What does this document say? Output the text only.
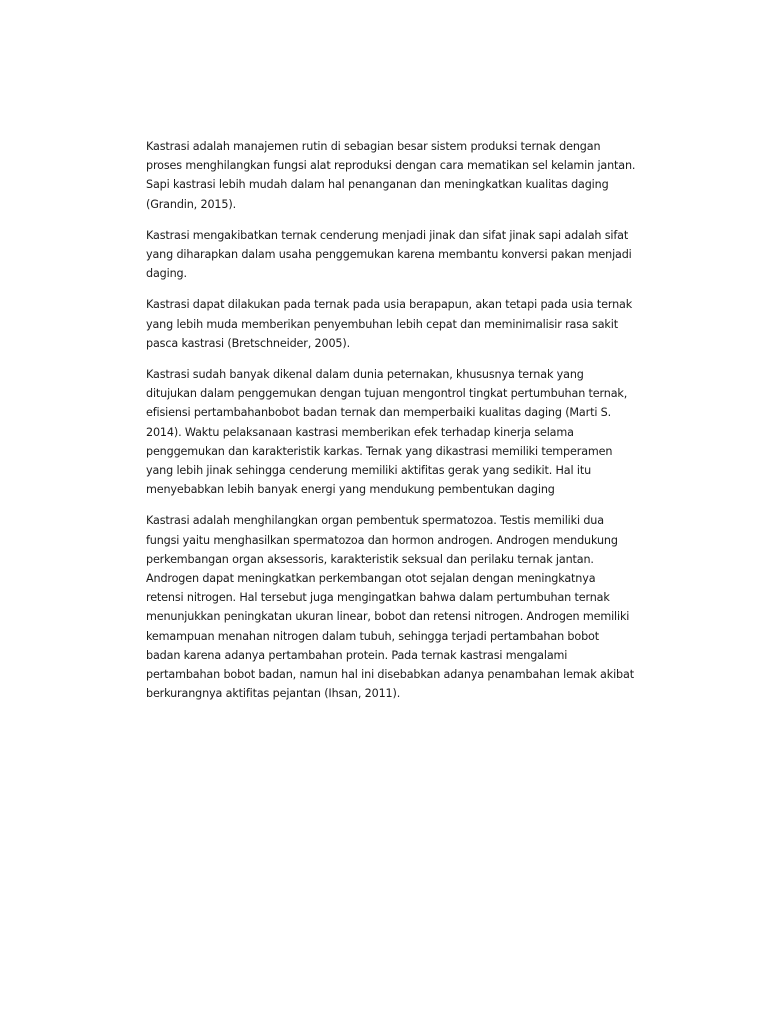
Kastrasi adalah manajemen rutin di sebagian besar sistem produksi ternak dengan
proses menghilangkan fungsi alat reproduksi dengan cara mematikan sel kelamin jantan.
Sapi kastrasi lebih mudah dalam hal penanganan dan meningkatkan kualitas daging
(Grandin, 2015).

Kastrasi mengakibatkan ternak cenderung menjadi jinak dan sifat jinak sapi adalah sifat
yang diharapkan dalam usaha penggemukan karena membantu konversi pakan menjadi
daging.

Kastrasi dapat dilakukan pada ternak pada usia berapapun, akan tetapi pada usia ternak
yang lebih muda memberikan penyembuhan lebih cepat dan meminimalisir rasa sakit
pasca kastrasi (Bretschneider, 2005).

Kastrasi sudah banyak dikenal dalam dunia peternakan, khususnya ternak yang
ditujukan dalam penggemukan dengan tujuan mengontrol tingkat pertumbuhan ternak,
efisiensi pertambahanbobot badan ternak dan memperbaiki kualitas daging (Marti S.
2014). Waktu pelaksanaan kastrasi memberikan efek terhadap kinerja selama
penggemukan dan karakteristik karkas. Ternak yang dikastrasi memiliki temperamen
yang lebih jinak sehingga cenderung memiliki aktifitas gerak yang sedikit. Hal itu
menyebabkan lebih banyak energi yang mendukung pembentukan daging

Kastrasi adalah menghilangkan organ pembentuk spermatozoa. Testis memiliki dua
fungsi yaitu menghasilkan spermatozoa dan hormon androgen. Androgen mendukung
perkembangan organ aksessoris, karakteristik seksual dan perilaku ternak jantan.
Androgen dapat meningkatkan perkembangan otot sejalan dengan meningkatnya
retensi nitrogen. Hal tersebut juga mengingatkan bahwa dalam pertumbuhan ternak
menunjukkan peningkatan ukuran linear, bobot dan retensi nitrogen. Androgen memiliki
kemampuan menahan nitrogen dalam tubuh, sehingga terjadi pertambahan bobot
badan karena adanya pertambahan protein. Pada ternak kastrasi mengalami
pertambahan bobot badan, namun hal ini disebabkan adanya penambahan lemak akibat
berkurangnya aktifitas pejantan (Ihsan, 2011).
